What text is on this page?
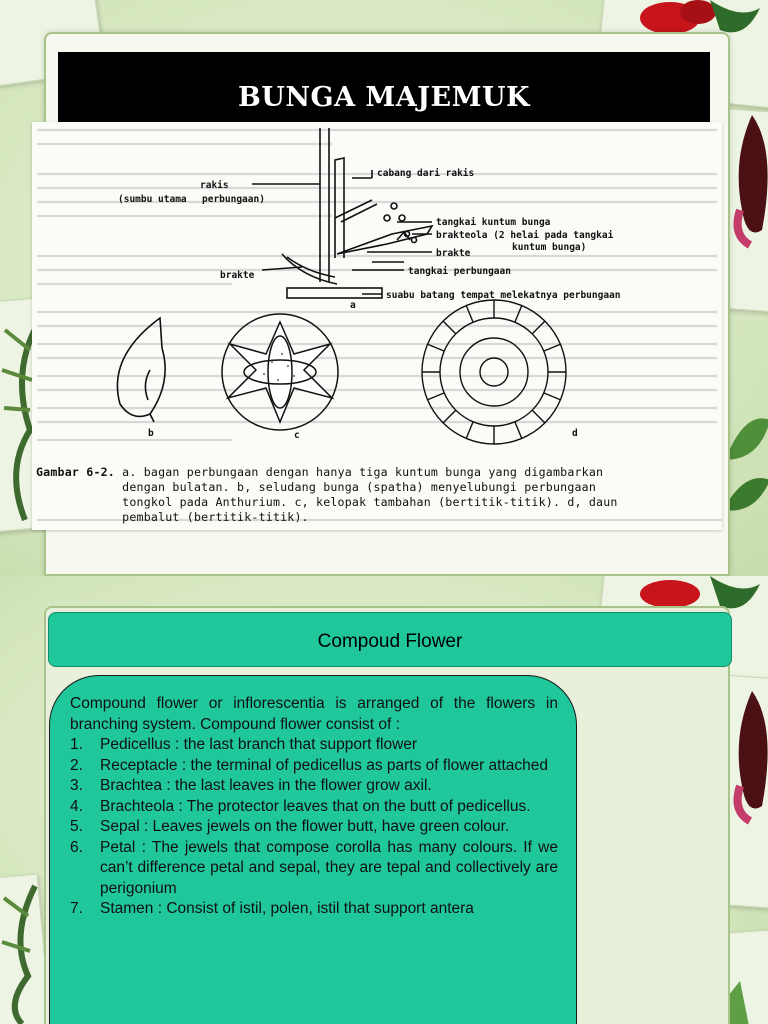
BUNGA MAJEMUK
cabang dari rakis
rakis
(sumbu utama perbungaan)
tangkai kuntum bunga
brakteola (2 helai pada tangkai
kuntum bunga)
brakte
brakte	tangkai perbungaan
suabu batang tempat melekatnya perbungaan
a
b	c	d
Gambar 6-2. a. bagan perbungaan dengan hanya tiga kuntum bunga yang digambarkan
dengan bulatan. b, seludang bunga (spatha) menyelubungi perbungaan
tongkol pada Anthurium. c, kelopak tambahan (bertitik-titik). d, daun
pembalut (bertitik-titik).
Compoud Flower

Compound flower or inflorescentia is arranged of the flowers in branching system. Compound flower consist of :

1.	Pedicellus : the last branch that support flower
2.	Receptacle : the terminal of pedicellus as parts of flower attached
3.	Brachtea : the last leaves in the flower grow axil.
4.	Brachteola : The protector leaves that on the butt of pedicellus.
5.	Sepal : Leaves jewels on the flower butt, have green colour.
6.	Petal : The jewels that compose corolla has many colours. If we can’t difference petal and sepal, they are tepal and collectively are perigonium
7.	Stamen : Consist of istil, polen, istil that support antera
